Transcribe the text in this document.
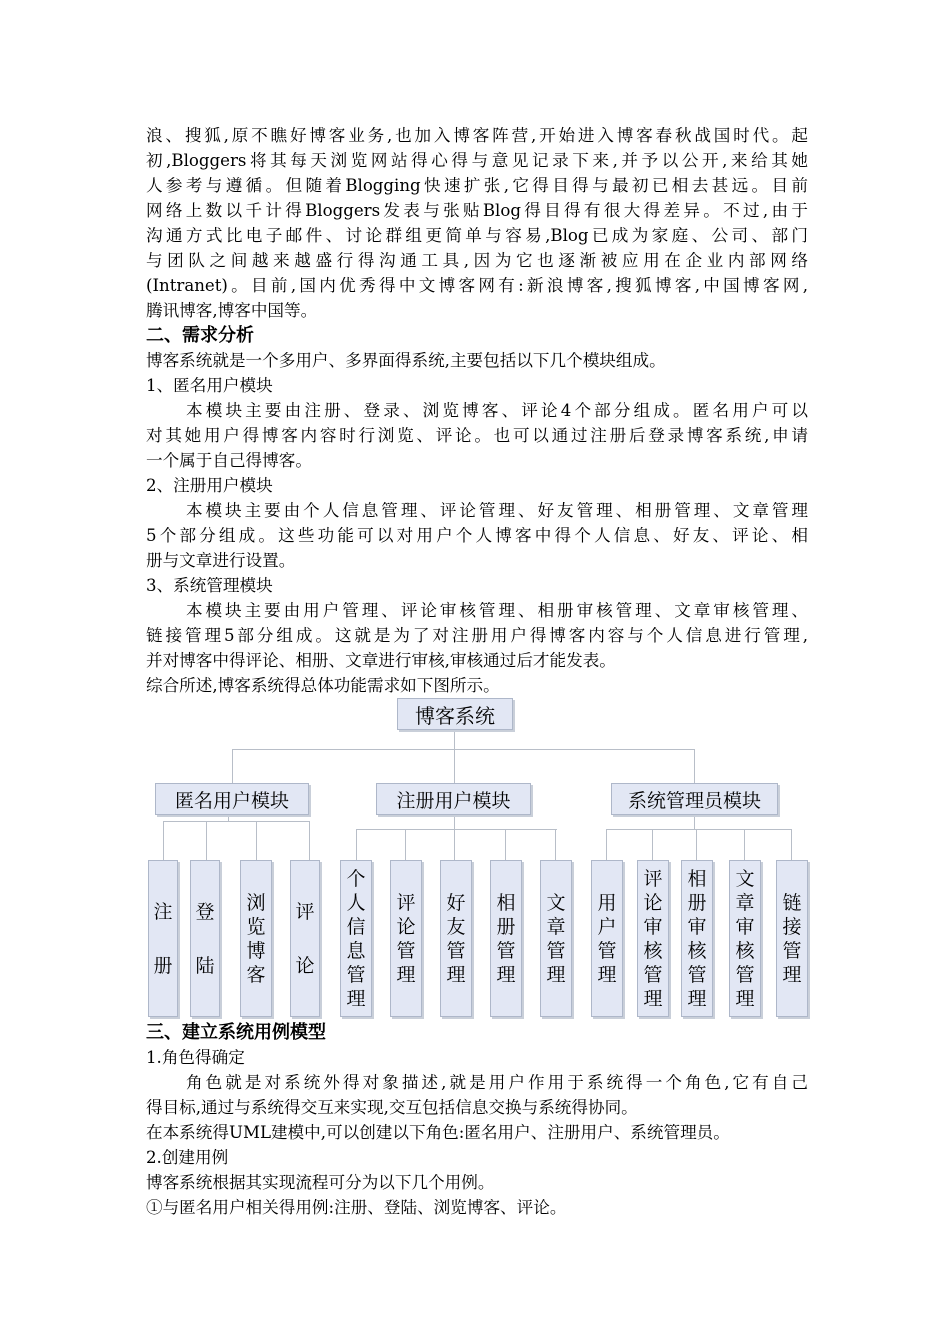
浪、搜狐,原不瞧好博客业务,也加入博客阵营,开始进入博客春秋战国时代。起

初,Bloggers将其每天浏览网站得心得与意见记录下来,并予以公开,来给其她

人参考与遵循。但随着Blogging快速扩张,它得目得与最初已相去甚远。目前

网络上数以千计得Bloggers发表与张贴Blog得目得有很大得差异。不过,由于

沟通方式比电子邮件、讨论群组更简单与容易,Blog已成为家庭、公司、部门

与团队之间越来越盛行得沟通工具,因为它也逐渐被应用在企业内部网络

(Intranet)。目前,国内优秀得中文博客网有:新浪博客,搜狐博客,中国博客网,

腾讯博客,博客中国等。

二、需求分析

博客系统就是一个多用户、多界面得系统,主要包括以下几个模块组成。

1、匿名用户模块

本模块主要由注册、登录、浏览博客、评论4个部分组成。匿名用户可以

对其她用户得博客内容时行浏览、评论。也可以通过注册后登录博客系统,申请

一个属于自己得博客。

2、注册用户模块

本模块主要由个人信息管理、评论管理、好友管理、相册管理、文章管理

5个部分组成。这些功能可以对用户个人博客中得个人信息、好友、评论、相

册与文章进行设置。

3、系统管理模块

本模块主要由用户管理、评论审核管理、相册审核管理、文章审核管理、

链接管理5部分组成。这就是为了对注册用户得博客内容与个人信息进行管理,

并对博客中得评论、相册、文章进行审核,审核通过后才能发表。

综合所述,博客系统得总体功能需求如下图所示。

博客系统
匿名用户模块	注册用户模块	系统管理员模块
注
册
登
陆
浏
览
博
客
评
论
个
人
信
息
管
理
评
论
管
理
好
友
管
理
相
册
管
理
文
章
管
理
用
户
管
理
评
论
审
核
管
理
相
册
审
核
管
理
文
章
审
核
管
理
链
接
管
理

三、建立系统用例模型

1.角色得确定

角色就是对系统外得对象描述,就是用户作用于系统得一个角色,它有自己

得目标,通过与系统得交互来实现,交互包括信息交换与系统得协同。

在本系统得UML建模中,可以创建以下角色:匿名用户、注册用户、系统管理员。

2.创建用例

博客系统根据其实现流程可分为以下几个用例。

①与匿名用户相关得用例:注册、登陆、浏览博客、评论。
